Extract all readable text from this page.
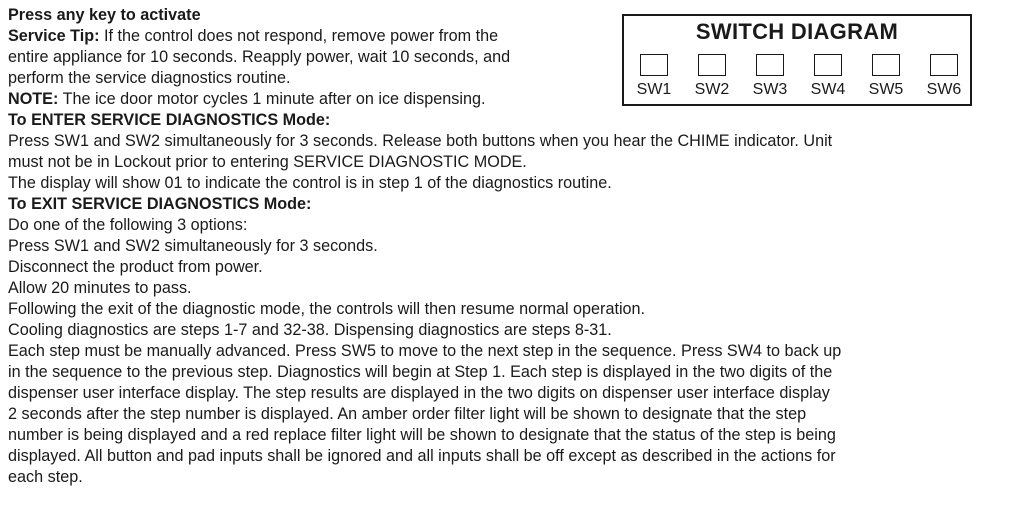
Press any key to activate
Service Tip: If the control does not respond, remove power from the
entire appliance for 10 seconds. Reapply power, wait 10 seconds, and
perform the service diagnostics routine.
NOTE: The ice door motor cycles 1 minute after on ice dispensing.
To ENTER SERVICE DIAGNOSTICS Mode:
Press SW1 and SW2 simultaneously for 3 seconds. Release both buttons when you hear the CHIME indicator. Unit
must not be in Lockout prior to entering SERVICE DIAGNOSTIC MODE.
The display will show 01 to indicate the control is in step 1 of the diagnostics routine.
To EXIT SERVICE DIAGNOSTICS Mode:
Do one of the following 3 options:
Press SW1 and SW2 simultaneously for 3 seconds.
Disconnect the product from power.
Allow 20 minutes to pass.
Following the exit of the diagnostic mode, the controls will then resume normal operation.
Cooling diagnostics are steps 1-7 and 32-38. Dispensing diagnostics are steps 8-31.
Each step must be manually advanced. Press SW5 to move to the next step in the sequence. Press SW4 to back up
in the sequence to the previous step. Diagnostics will begin at Step 1. Each step is displayed in the two digits of the
dispenser user interface display. The step results are displayed in the two digits on dispenser user interface display
2 seconds after the step number is displayed. An amber order filter light will be shown to designate that the step
number is being displayed and a red replace filter light will be shown to designate that the status of the step is being
displayed. All button and pad inputs shall be ignored and all inputs shall be off except as described in the actions for
each step.
SWITCH DIAGRAM
SW1	SW2	SW3	SW4	SW5	SW6
